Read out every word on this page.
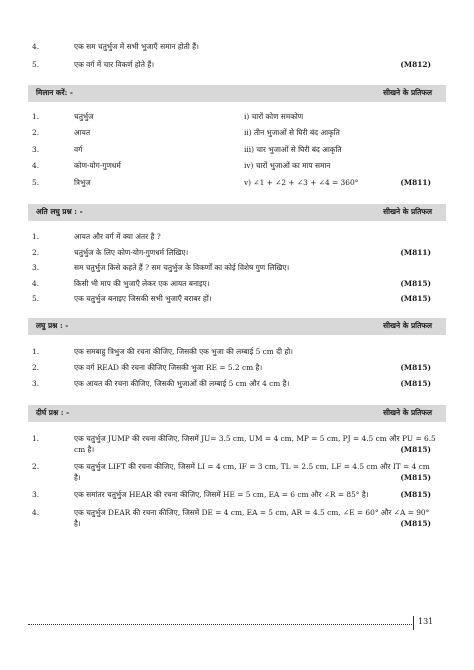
4.	एक सम चतुर्भुज में सभी भुजाएँ समान होती हैं।
5.	एक वर्ग में चार विकर्ण होते हैं।	(M812)
मिलान करें: -	सीखने के प्रतिफल
1.	चतुर्भुज	i) चारों कोण समकोण
2.	आयत	ii) तीन भुजाओं से घिरी बंद आकृति
3.	वर्ग	iii) चार भुजाओं से घिरी बंद आकृति
4.	कोण-योग-गुणधर्म	iv) चारों भुजाओं का माप समान
5.	त्रिभुज	v) ∠1 + ∠2 + ∠3 + ∠4 = 360°	(M811)
अति लघु प्रश्न : -	सीखने के प्रतिफल
1.	आयत और वर्ग में क्या अंतर है ?
2.	चतुर्भुज के लिए कोण-योग-गुणधर्म लिखिए।	(M811)
3.	सम चतुर्भुज किसे कहते हैं ? सम चतुर्भुज के विकर्णों का कोई विशेष गुण लिखिए।
4.	किसी भी माप की भुजाएँ लेकर एक आयत बनाइए।	(M815)
5.	एक चतुर्भुज बनाइए जिसकी सभी भुजाएँ बराबर हों।	(M815)
लघु प्रश्न : -	सीखने के प्रतिफल
1.	एक समबाहु त्रिभुज की रचना कीजिए, जिसकी एक भुजा की लम्बाई 5 cm दी हो।
2.	एक वर्ग READ की रचना कीजिए जिसकी भुजा RE = 5.2 cm है।	(M815)
3.	एक आयत की रचना कीजिए, जिसकी भुजाओं की लम्बाई 5 cm और 4 cm है।	(M815)
दीर्घ प्रश्न : -	सीखने के प्रतिफल
1.	एक चतुर्भुज JUMP की रचना कीजिए, जिसमें JU= 3.5 cm, UM = 4 cm, MP = 5 cm, PJ = 4.5 cm और PU = 6.5
cm है।	(M815)
2.	एक चतुर्भुज LIFT की रचना कीजिए, जिसमें LI = 4 cm, IF = 3 cm, TL = 2.5 cm, LF = 4.5 cm और IT = 4 cm
है।	(M815)
3.	एक समांतर चतुर्भुज HEAR की रचना कीजिए, जिसमें HE = 5 cm, EA = 6 cm और ∠R = 85° है।	(M815)
4.	एक चतुर्भुज DEAR की रचना कीजिए, जिसमें DE = 4 cm, EA = 5 cm, AR = 4.5 cm, ∠E = 60° और ∠A = 90°
है।	(M815)
131
